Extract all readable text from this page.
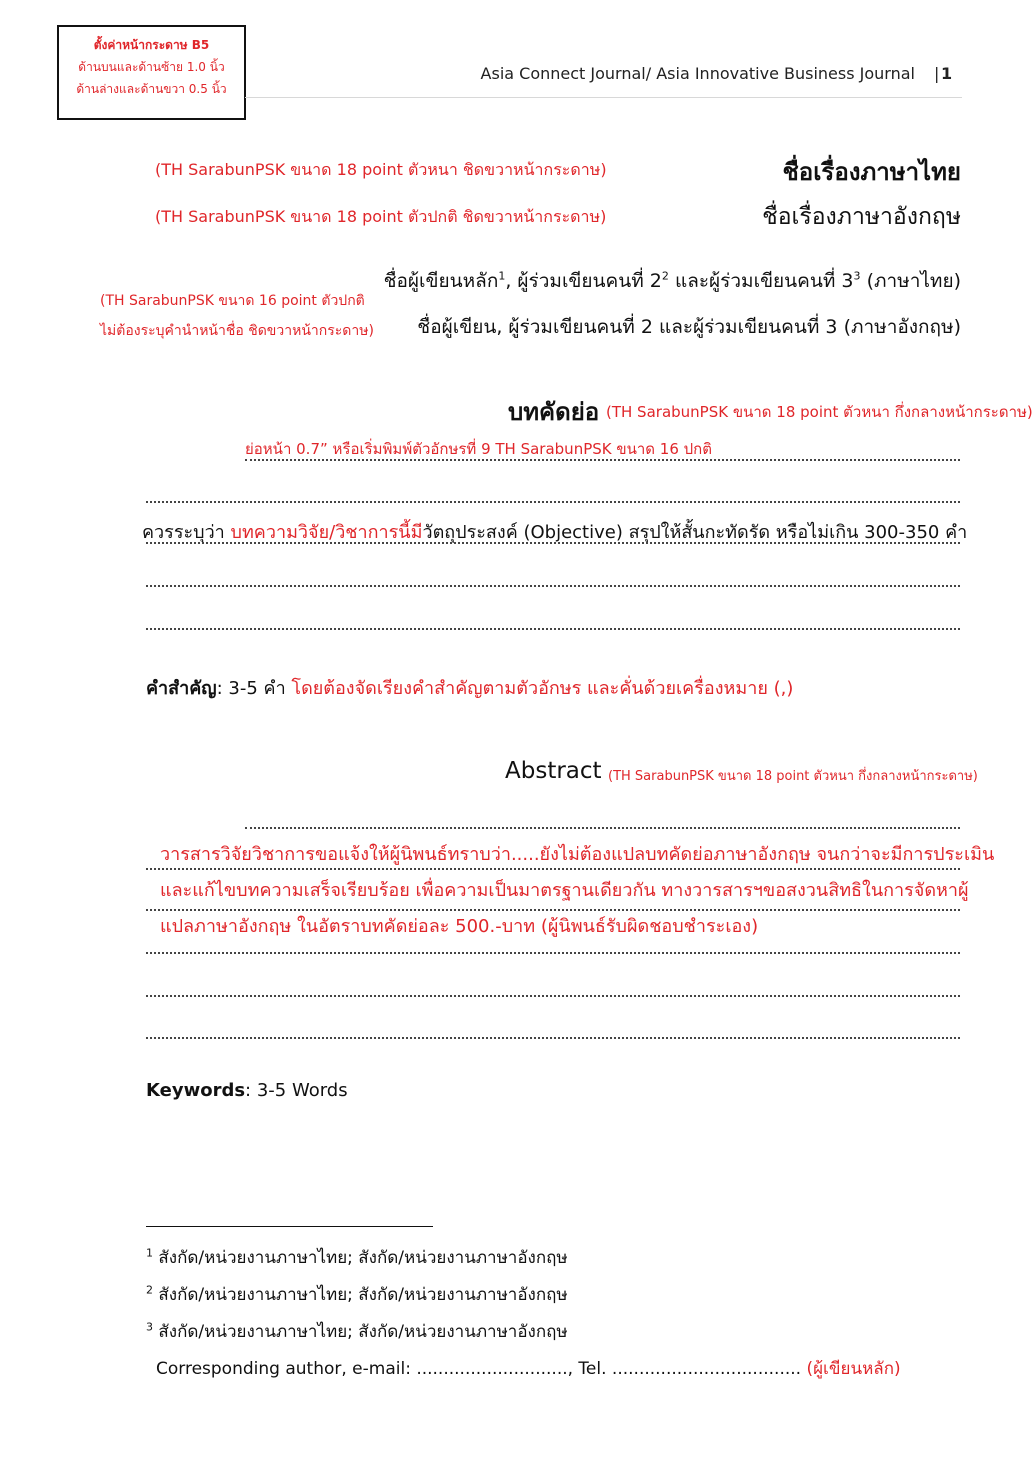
ตั้งค่าหน้ากระดาษ B5
ด้านบนและด้านซ้าย 1.0 นิ้ว
ด้านล่างและด้านขวา 0.5 นิ้ว
Asia Connect Journal/ Asia Innovative Business Journal | 1
(TH SarabunPSK ขนาด 18 point ตัวหนา ชิดขวาหน้ากระดาษ)	ชื่อเรื่องภาษาไทย
(TH SarabunPSK ขนาด 18 point ตัวปกติ ชิดขวาหน้ากระดาษ)	ชื่อเรื่องภาษาอังกฤษ
ชื่อผู้เขียนหลัก$^1$, ผู้ร่วมเขียนคนที่ $2^2$ และผู้ร่วมเขียนคนที่ $3^3$ (ภาษาไทย)
(TH SarabunPSK ขนาด 16 point ตัวปกติ
ไม่ต้องระบุคำนำหน้าชื่อ ชิดขวาหน้ากระดาษ) ชื่อผู้เขียน, ผู้ร่วมเขียนคนที่ 2 และผู้ร่วมเขียนคนที่ 3 (ภาษาอังกฤษ)
บทคัดย่อ (TH SarabunPSK ขนาด 18 point ตัวหนา กึ่งกลางหน้ากระดาษ)
ย่อหน้า 0.7” หรือเริ่มพิมพ์ตัวอักษรที่ 9 TH SarabunPSK ขนาด 16 ปกติ
ควรระบุว่า บทความวิจัย/วิชาการนี้มีวัตถุประสงค์ (Objective) สรุปให้สั้นกะทัดรัด หรือไม่เกิน 300-350 คำ
คำสำคัญ: 3-5 คำ โดยต้องจัดเรียงคำสำคัญตามตัวอักษร และคั่นด้วยเครื่องหมาย (,)
Abstract (TH SarabunPSK ขนาด 18 point ตัวหนา กึ่งกลางหน้ากระดาษ)
วารสารวิจัยวิชาการขอแจ้งให้ผู้นิพนธ์ทราบว่า.....ยังไม่ต้องแปลบทคัดย่อภาษาอังกฤษ จนกว่าจะมีการประเมิน
และแก้ไขบทความเสร็จเรียบร้อย เพื่อความเป็นมาตรฐานเดียวกัน ทางวารสารฯขอสงวนสิทธิในการจัดหาผู้
แปลภาษาอังกฤษ ในอัตราบทคัดย่อละ 500.-บาท (ผู้นิพนธ์รับผิดชอบชำระเอง)
Keywords: 3-5 Words
$^1$ สังกัด/หน่วยงานภาษาไทย; สังกัด/หน่วยงานภาษาอังกฤษ
$^2$ สังกัด/หน่วยงานภาษาไทย; สังกัด/หน่วยงานภาษาอังกฤษ
$^3$ สังกัด/หน่วยงานภาษาไทย; สังกัด/หน่วยงานภาษาอังกฤษ
Corresponding author, e-mail: ............................, Tel. ................................... (ผู้เขียนหลัก)
